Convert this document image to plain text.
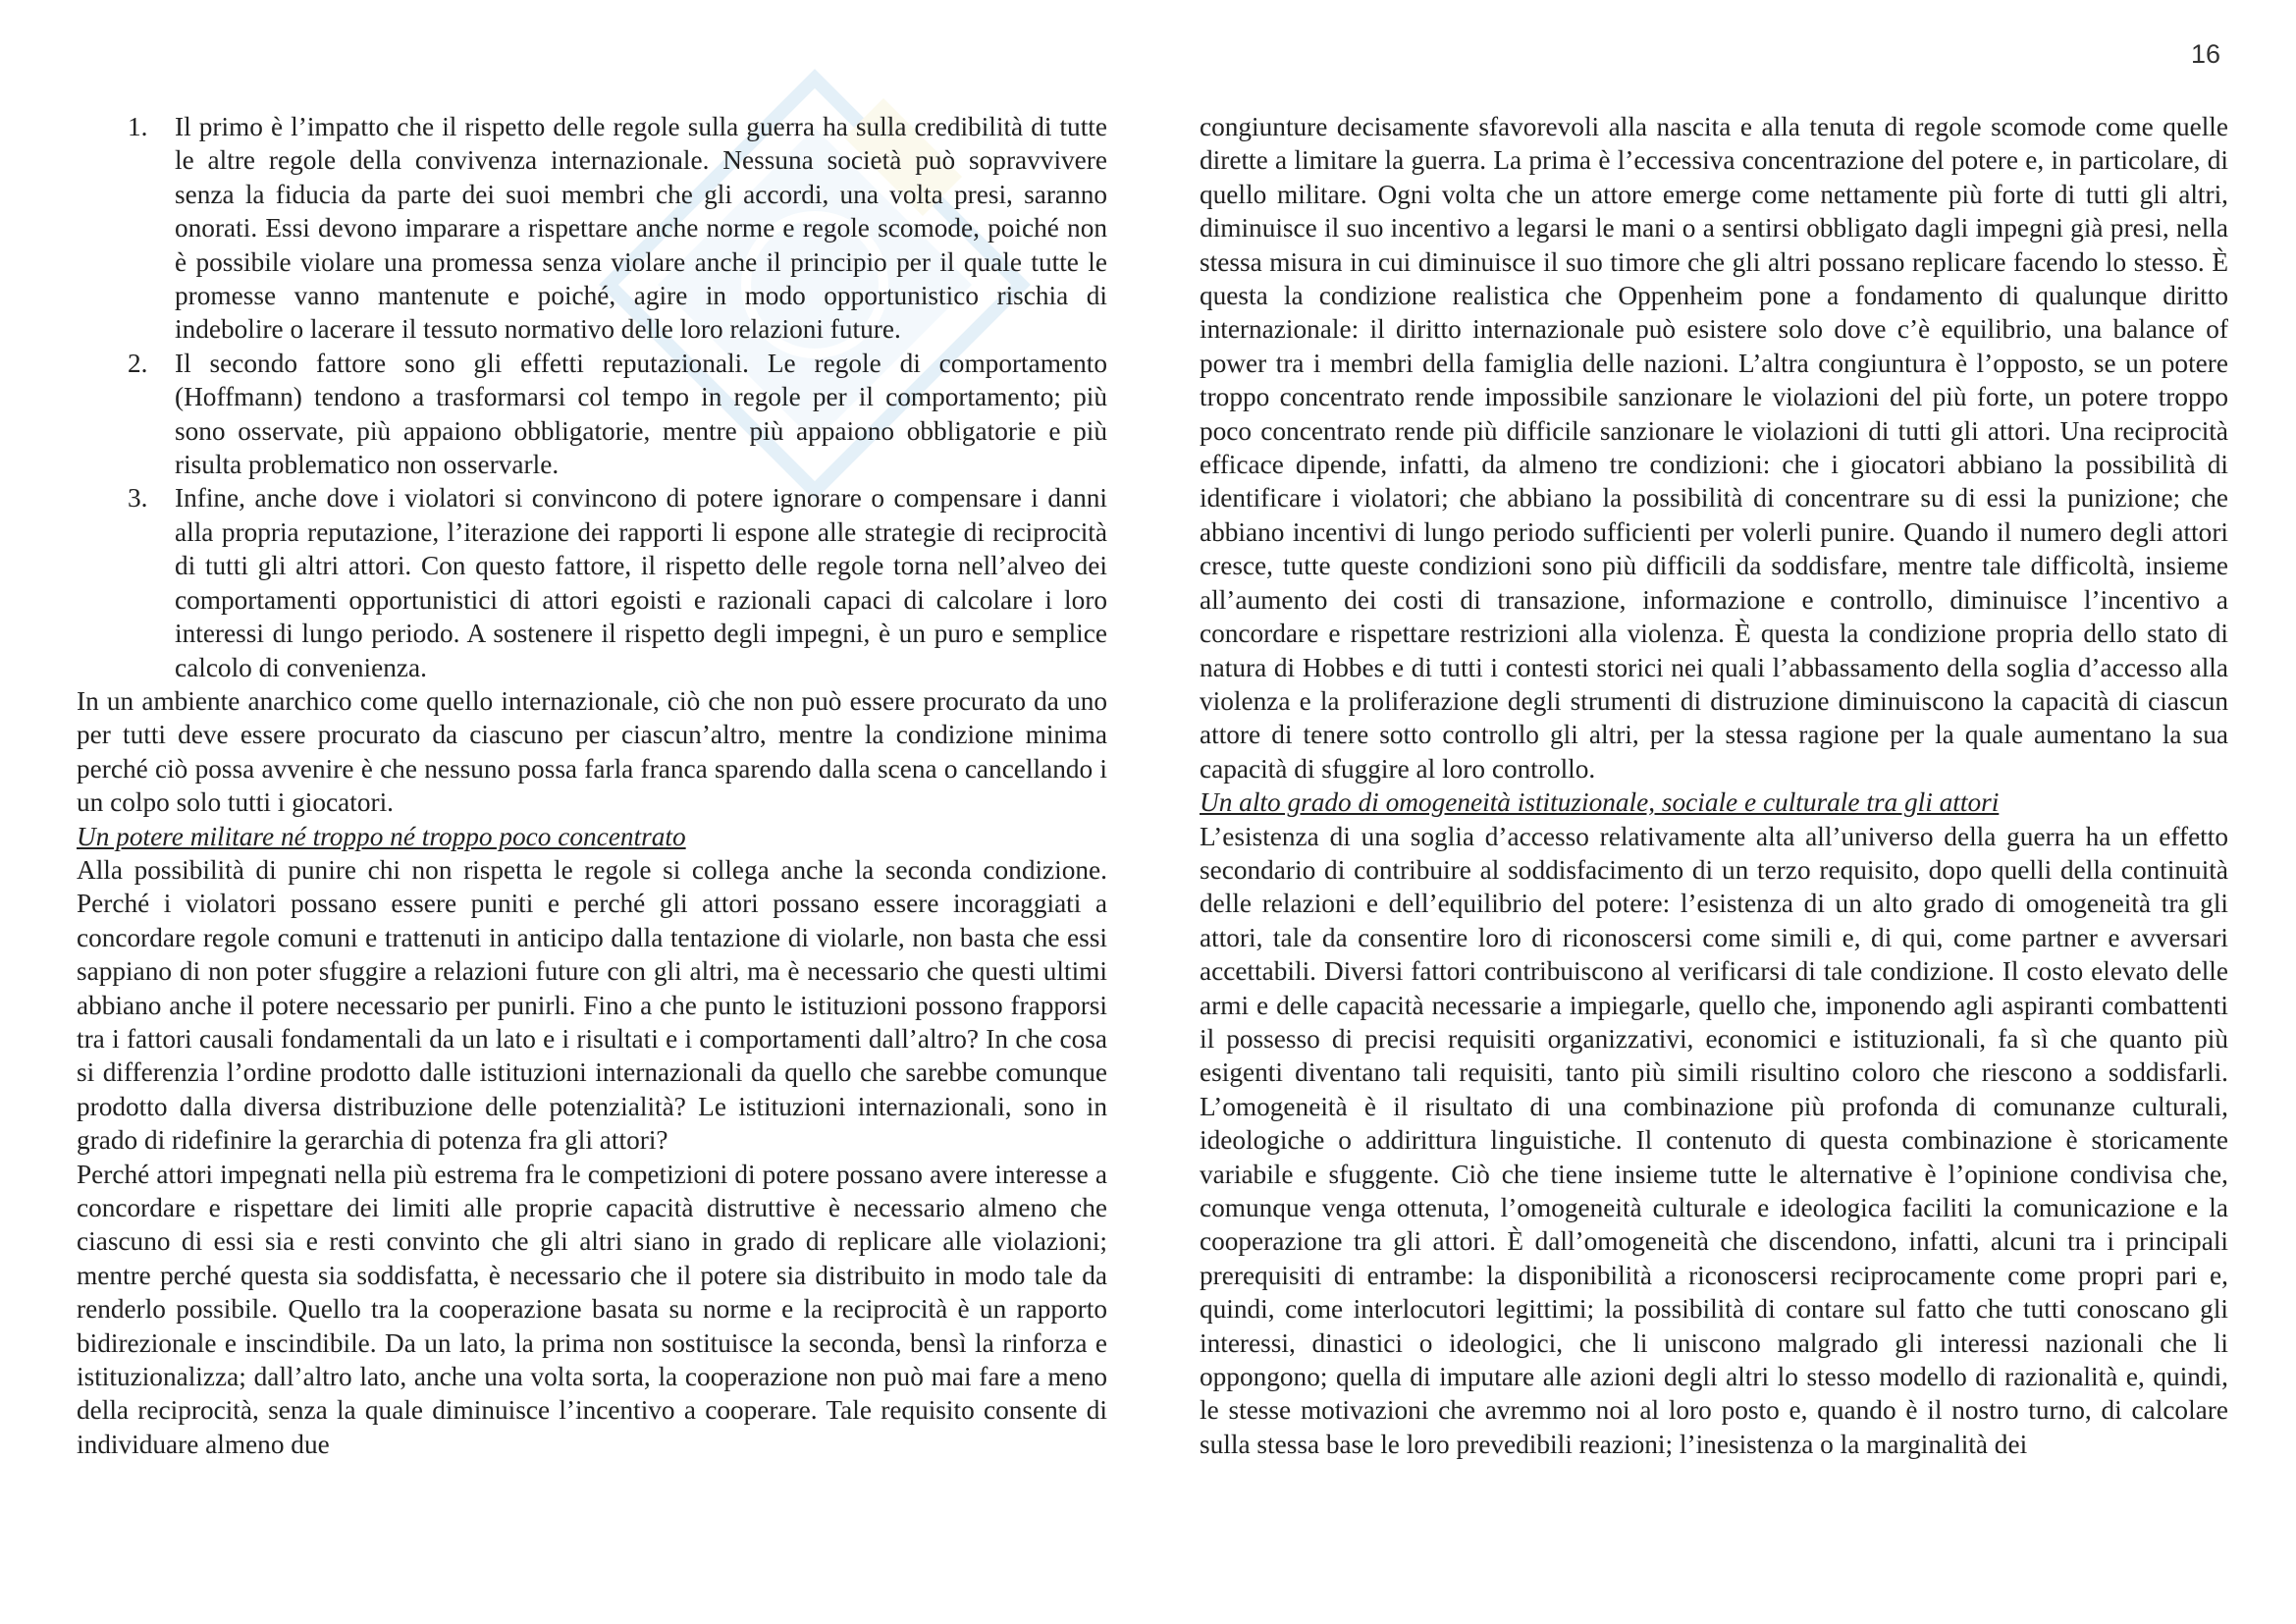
16
1. Il primo è l’impatto che il rispetto delle regole sulla guerra ha sulla credibilità di tutte le altre regole della convivenza internazionale. Nessuna società può sopravvivere senza la fiducia da parte dei suoi membri che gli accordi, una volta presi, saranno onorati. Essi devono imparare a rispettare anche norme e regole scomode, poiché non è possibile violare una promessa senza violare anche il principio per il quale tutte le promesse vanno mantenute e poiché, agire in modo opportunistico rischia di indebolire o lacerare il tessuto normativo delle loro relazioni future.
2. Il secondo fattore sono gli effetti reputazionali. Le regole di comportamento (Hoffmann) tendono a trasformarsi col tempo in regole per il comportamento; più sono osservate, più appaiono obbligatorie, mentre più appaiono obbligatorie e più risulta problematico non osservarle.
3. Infine, anche dove i violatori si convincono di potere ignorare o compensare i danni alla propria reputazione, l’iterazione dei rapporti li espone alle strategie di reciprocità di tutti gli altri attori. Con questo fattore, il rispetto delle regole torna nell’alveo dei comportamenti opportunistici di attori egoisti e razionali capaci di calcolare i loro interessi di lungo periodo. A sostenere il rispetto degli impegni, è un puro e semplice calcolo di convenienza.

In un ambiente anarchico come quello internazionale, ciò che non può essere procurato da uno per tutti deve essere procurato da ciascuno per ciascun’altro, mentre la condizione minima perché ciò possa avvenire è che nessuno possa farla franca sparendo dalla scena o cancellando i un colpo solo tutti i giocatori.

Un potere militare né troppo né troppo poco concentrato

Alla possibilità di punire chi non rispetta le regole si collega anche la seconda condizione. Perché i violatori possano essere puniti e perché gli attori possano essere incoraggiati a concordare regole comuni e trattenuti in anticipo dalla tentazione di violarle, non basta che essi sappiano di non poter sfuggire a relazioni future con gli altri, ma è necessario che questi ultimi abbiano anche il potere necessario per punirli. Fino a che punto le istituzioni possono frapporsi tra i fattori causali fondamentali da un lato e i risultati e i comportamenti dall’altro? In che cosa si differenzia l’ordine prodotto dalle istituzioni internazionali da quello che sarebbe comunque prodotto dalla diversa distribuzione delle potenzialità? Le istituzioni internazionali, sono in grado di ridefinire la gerarchia di potenza fra gli attori?

Perché attori impegnati nella più estrema fra le competizioni di potere possano avere interesse a concordare e rispettare dei limiti alle proprie capacità distruttive è necessario almeno che ciascuno di essi sia e resti convinto che gli altri siano in grado di replicare alle violazioni; mentre perché questa sia soddisfatta, è necessario che il potere sia distribuito in modo tale da renderlo possibile. Quello tra la cooperazione basata su norme e la reciprocità è un rapporto bidirezionale e inscindibile. Da un lato, la prima non sostituisce la seconda, bensì la rinforza e istituzionalizza; dall’altro lato, anche una volta sorta, la cooperazione non può mai fare a meno della reciprocità, senza la quale diminuisce l’incentivo a cooperare. Tale requisito consente di individuare almeno due

congiunture decisamente sfavorevoli alla nascita e alla tenuta di regole scomode come quelle dirette a limitare la guerra. La prima è l’eccessiva concentrazione del potere e, in particolare, di quello militare. Ogni volta che un attore emerge come nettamente più forte di tutti gli altri, diminuisce il suo incentivo a legarsi le mani o a sentirsi obbligato dagli impegni già presi, nella stessa misura in cui diminuisce il suo timore che gli altri possano replicare facendo lo stesso. È questa la condizione realistica che Oppenheim pone a fondamento di qualunque diritto internazionale: il diritto internazionale può esistere solo dove c’è equilibrio, una balance of power tra i membri della famiglia delle nazioni. L’altra congiuntura è l’opposto, se un potere troppo concentrato rende impossibile sanzionare le violazioni del più forte, un potere troppo poco concentrato rende più difficile sanzionare le violazioni di tutti gli attori. Una reciprocità efficace dipende, infatti, da almeno tre condizioni: che i giocatori abbiano la possibilità di identificare i violatori; che abbiano la possibilità di concentrare su di essi la punizione; che abbiano incentivi di lungo periodo sufficienti per volerli punire. Quando il numero degli attori cresce, tutte queste condizioni sono più difficili da soddisfare, mentre tale difficoltà, insieme all’aumento dei costi di transazione, informazione e controllo, diminuisce l’incentivo a concordare e rispettare restrizioni alla violenza. È questa la condizione propria dello stato di natura di Hobbes e di tutti i contesti storici nei quali l’abbassamento della soglia d’accesso alla violenza e la proliferazione degli strumenti di distruzione diminuiscono la capacità di ciascun attore di tenere sotto controllo gli altri, per la stessa ragione per la quale aumentano la sua capacità di sfuggire al loro controllo.

Un alto grado di omogeneità istituzionale, sociale e culturale tra gli attori

L’esistenza di una soglia d’accesso relativamente alta all’universo della guerra ha un effetto secondario di contribuire al soddisfacimento di un terzo requisito, dopo quelli della continuità delle relazioni e dell’equilibrio del potere: l’esistenza di un alto grado di omogeneità tra gli attori, tale da consentire loro di riconoscersi come simili e, di qui, come partner e avversari accettabili. Diversi fattori contribuiscono al verificarsi di tale condizione. Il costo elevato delle armi e delle capacità necessarie a impiegarle, quello che, imponendo agli aspiranti combattenti il possesso di precisi requisiti organizzativi, economici e istituzionali, fa sì che quanto più esigenti diventano tali requisiti, tanto più simili risultino coloro che riescono a soddisfarli. L’omogeneità è il risultato di una combinazione più profonda di comunanze culturali, ideologiche o addirittura linguistiche. Il contenuto di questa combinazione è storicamente variabile e sfuggente. Ciò che tiene insieme tutte le alternative è l’opinione condivisa che, comunque venga ottenuta, l’omogeneità culturale e ideologica faciliti la comunicazione e la cooperazione tra gli attori. È dall’omogeneità che discendono, infatti, alcuni tra i principali prerequisiti di entrambe: la disponibilità a riconoscersi reciprocamente come propri pari e, quindi, come interlocutori legittimi; la possibilità di contare sul fatto che tutti conoscano gli interessi, dinastici o ideologici, che li uniscono malgrado gli interessi nazionali che li oppongono; quella di imputare alle azioni degli altri lo stesso modello di razionalità e, quindi, le stesse motivazioni che avremmo noi al loro posto e, quando è il nostro turno, di calcolare sulla stessa base le loro prevedibili reazioni; l’inesistenza o la marginalità dei
